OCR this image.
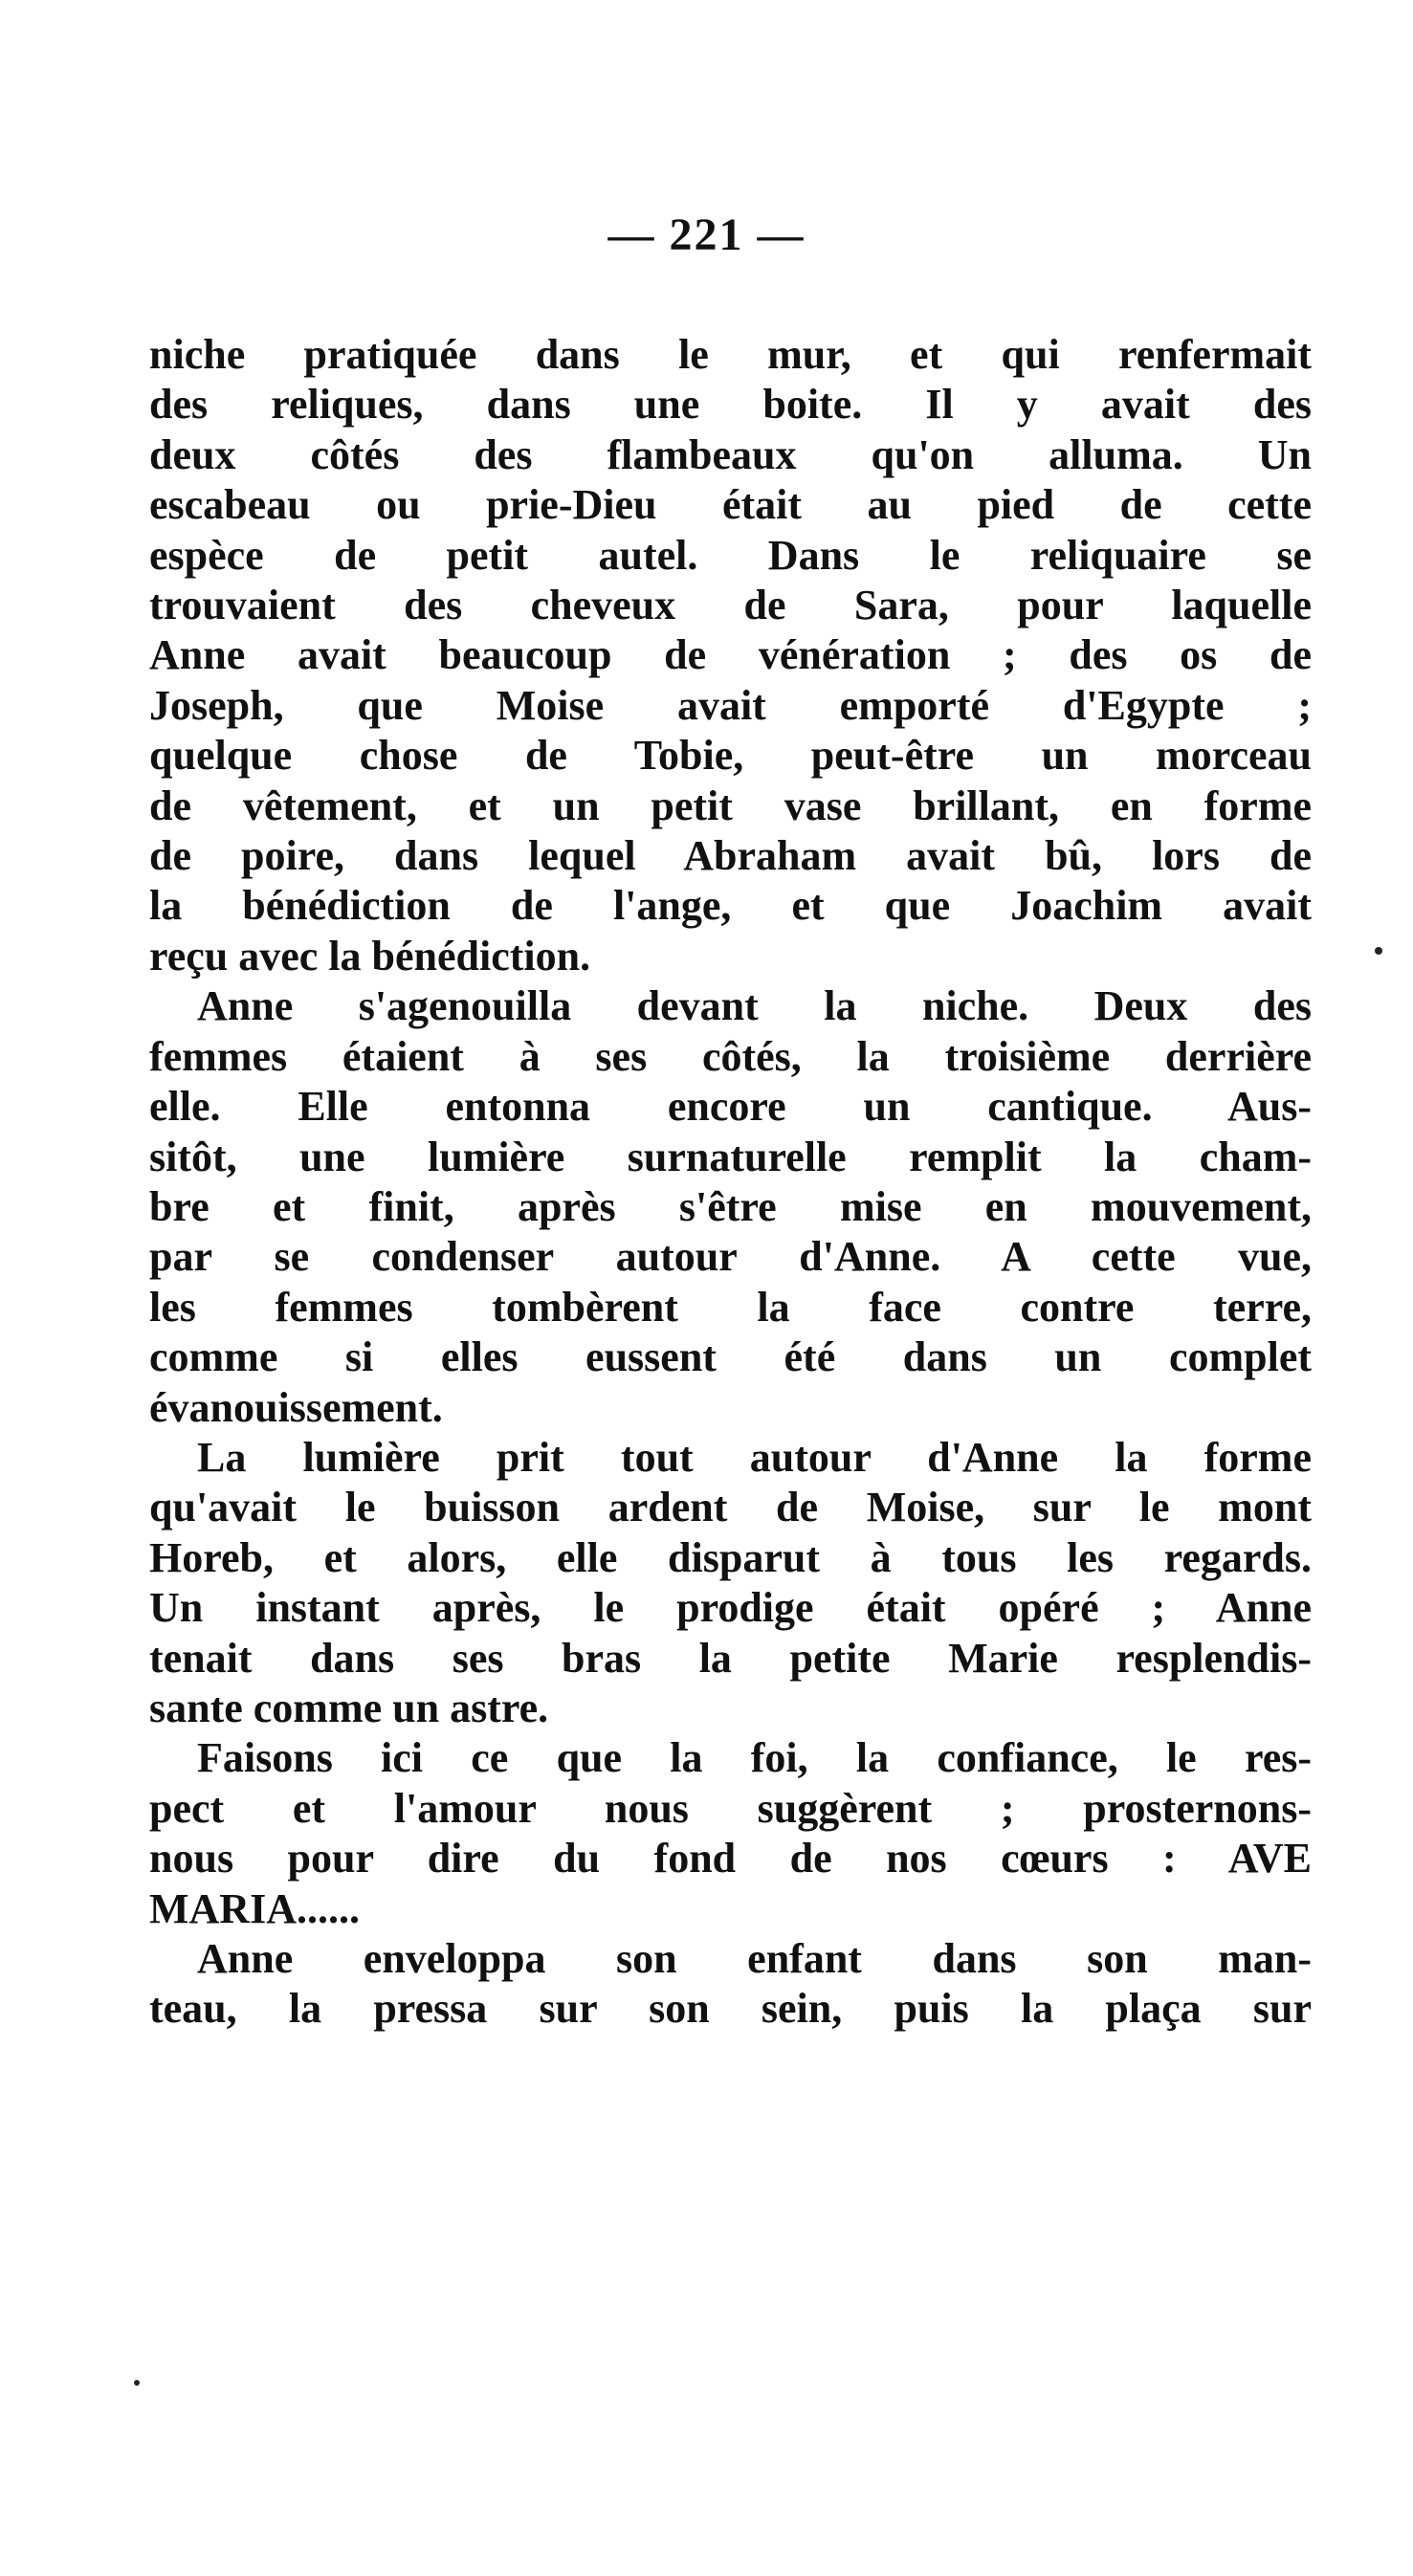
— 221 —
niche pratiquée dans le mur, et qui renfermait
des reliques, dans une boite. Il y avait des
deux côtés des flambeaux qu'on alluma. Un
escabeau ou prie-Dieu était au pied de cette
espèce de petit autel. Dans le reliquaire se
trouvaient des cheveux de Sara, pour laquelle
Anne avait beaucoup de vénération ; des os de
Joseph, que Moise avait emporté d'Egypte ;
quelque chose de Tobie, peut-être un morceau
de vêtement, et un petit vase brillant, en forme
de poire, dans lequel Abraham avait bû, lors de
la bénédiction de l'ange, et que Joachim avait
reçu avec la bénédiction.
Anne s'agenouilla devant la niche. Deux des
femmes étaient à ses côtés, la troisième derrière
elle. Elle entonna encore un cantique. Aus-
sitôt, une lumière surnaturelle remplit la cham-
bre et finit, après s'être mise en mouvement,
par se condenser autour d'Anne. A cette vue,
les femmes tombèrent la face contre terre,
comme si elles eussent été dans un complet
évanouissement.
La lumière prit tout autour d'Anne la forme
qu'avait le buisson ardent de Moise, sur le mont
Horeb, et alors, elle disparut à tous les regards.
Un instant après, le prodige était opéré ; Anne
tenait dans ses bras la petite Marie resplendis-
sante comme un astre.
Faisons ici ce que la foi, la confiance, le res-
pect et l'amour nous suggèrent ; prosternons-
nous pour dire du fond de nos cœurs : AVE
MARIA......
Anne enveloppa son enfant dans son man-
teau, la pressa sur son sein, puis la plaça sur
